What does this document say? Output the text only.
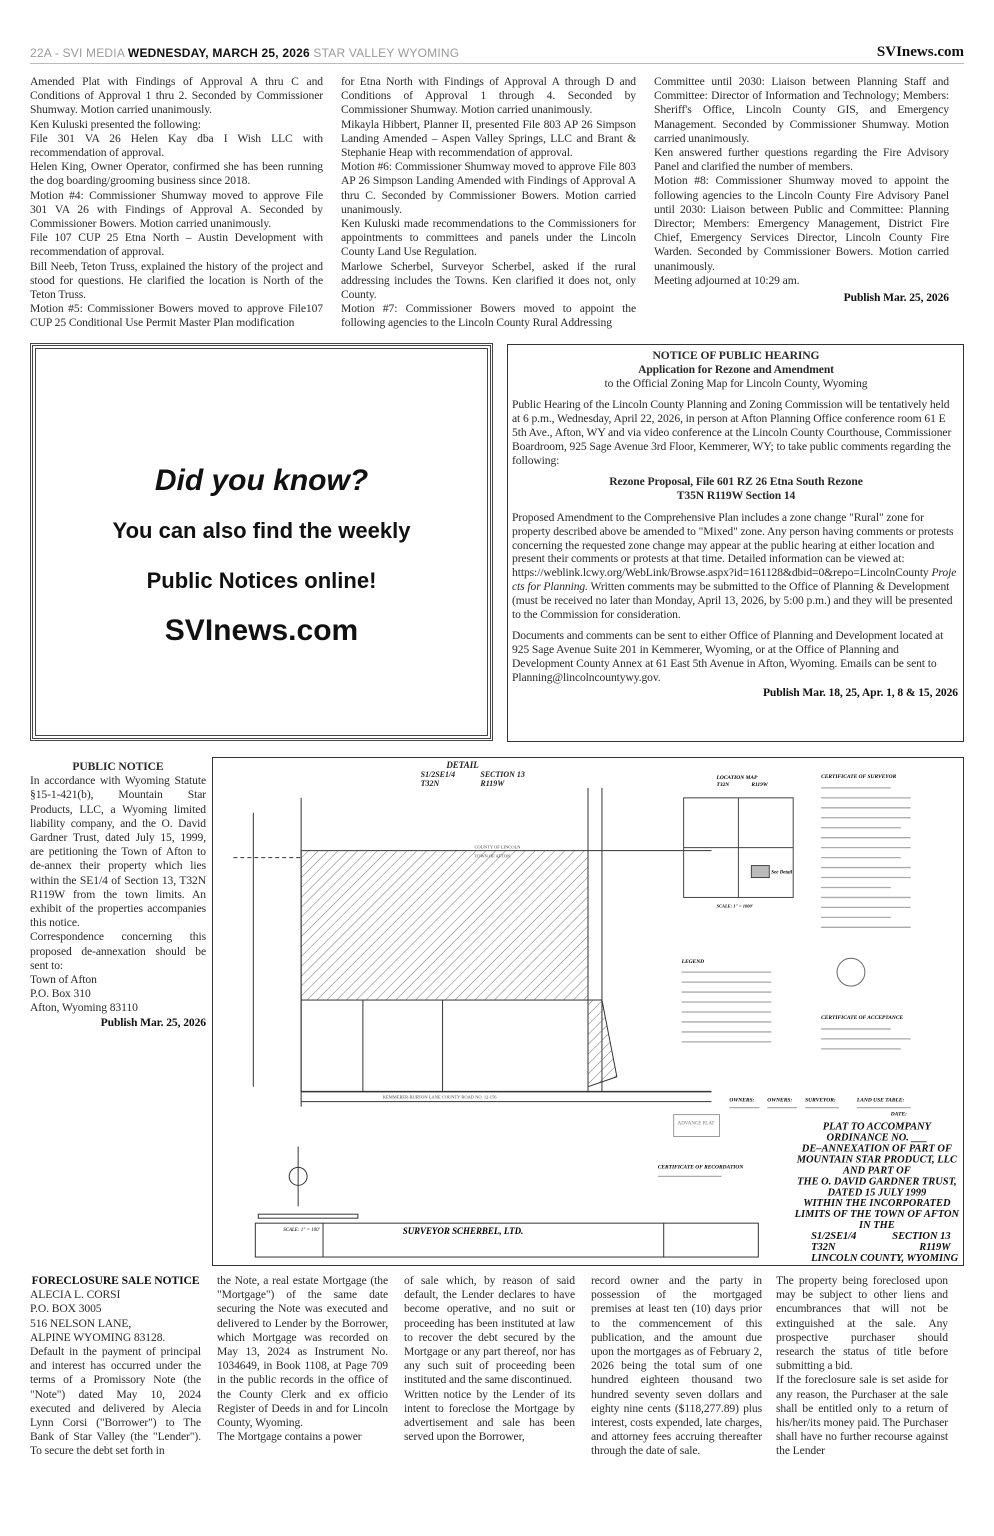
22A - SVI MEDIA WEDNESDAY, MARCH 25, 2026 STAR VALLEY WYOMING	SVInews.com

Amended Plat with Findings of Approval A thru C and Conditions of Approval 1 thru 2. Seconded by Commissioner Shumway. Motion carried unanimously.

Ken Kuluski presented the following:

File 301 VA 26 Helen Kay dba I Wish LLC with recommendation of approval.

Helen King, Owner Operator, confirmed she has been running the dog boarding/grooming business since 2018.

Motion #4: Commissioner Shumway moved to approve File 301 VA 26 with Findings of Approval A. Seconded by Commissioner Bowers. Motion carried unanimously.

File 107 CUP 25 Etna North – Austin Development with recommendation of approval.

Bill Neeb, Teton Truss, explained the history of the project and stood for questions. He clarified the location is North of the Teton Truss.

Motion #5: Commissioner Bowers moved to approve File107 CUP 25 Conditional Use Permit Master Plan modification

for Etna North with Findings of Approval A through D and Conditions of Approval 1 through 4. Seconded by Commissioner Shumway. Motion carried unanimously.

Mikayla Hibbert, Planner II, presented File 803 AP 26 Simpson Landing Amended – Aspen Valley Springs, LLC and Brant & Stephanie Heap with recommendation of approval.

Motion #6: Commissioner Shumway moved to approve File 803 AP 26 Simpson Landing Amended with Findings of Approval A thru C. Seconded by Commissioner Bowers. Motion carried unanimously.

Ken Kuluski made recommendations to the Commissioners for appointments to committees and panels under the Lincoln County Land Use Regulation.

Marlowe Scherbel, Surveyor Scherbel, asked if the rural addressing includes the Towns. Ken clarified it does not, only County.

Motion #7: Commissioner Bowers moved to appoint the following agencies to the Lincoln County Rural Addressing

Committee until 2030: Liaison between Planning Staff and Committee: Director of Information and Technology; Members: Sheriff's Office, Lincoln County GIS, and Emergency Management. Seconded by Commissioner Shumway. Motion carried unanimously.

Ken answered further questions regarding the Fire Advisory Panel and clarified the number of members.

Motion #8: Commissioner Shumway moved to appoint the following agencies to the Lincoln County Fire Advisory Panel until 2030: Liaison between Public and Committee: Planning Director; Members: Emergency Management, District Fire Chief, Emergency Services Director, Lincoln County Fire Warden. Seconded by Commissioner Bowers. Motion carried unanimously.

Meeting adjourned at 10:29 am.

Publish Mar. 25, 2026

Did you know?
You can also find the weekly
Public Notices online!
SVInews.com
NOTICE OF PUBLIC HEARING
Application for Rezone and Amendment
to the Official Zoning Map for Lincoln County, Wyoming

Public Hearing of the Lincoln County Planning and Zoning Commission will be tentatively held at 6 p.m., Wednesday, April 22, 2026, in person at Afton Planning Office conference room 61 E 5th Ave., Afton, WY and via video conference at the Lincoln County Courthouse, Commissioner Boardroom, 925 Sage Avenue 3rd Floor, Kemmerer, WY; to take public comments regarding the following:

Rezone Proposal, File 601 RZ 26 Etna South Rezone
T35N R119W Section 14

Proposed Amendment to the Comprehensive Plan includes a zone change "Rural" zone for property described above be amended to "Mixed" zone. Any person having comments or protests concerning the requested zone change may appear at the public hearing at either location and present their comments or protests at that time. Detailed information can be viewed at:

https://weblink.lcwy.org/WebLink/Browse.aspx?id=161128&dbid=0&repo=LincolnCounty Projects for Planning. Written comments may be submitted to the Office of Planning & Development (must be received no later than Monday, April 13, 2026, by 5:00 p.m.) and they will be presented to the Commission for consideration.

Documents and comments can be sent to either Office of Planning and Development located at 925 Sage Avenue Suite 201 in Kemmerer, Wyoming, or at the Office of Planning and Development County Annex at 61 East 5th Avenue in Afton, Wyoming. Emails can be sent to Planning@lincolncountywy.gov.

Publish Mar. 18, 25, Apr. 1, 8 & 15, 2026

PUBLIC NOTICE

In accordance with Wyoming Statute §15-1-421(b), Mountain Star Products, LLC, a Wyoming limited liability company, and the O. David Gardner Trust, dated July 15, 1999, are petitioning the Town of Afton to de-annex their property which lies within the SE1/4 of Section 13, T32N R119W from the town limits. An exhibit of the properties accompanies this notice.

Correspondence concerning this proposed de-annexation should be sent to:

Town of Afton

P.O. Box 310

Afton, Wyoming 83110

Publish Mar. 25, 2026

DETAIL
S1/2SE1/4	SECTION 13
T32N	R119W
COUNTY OF LINCOLN
TOWN OF AFTON
KEMMERER-BURTON LANE COUNTY ROAD NO. 12-156
SCALE: 1" = 100'
ADVANCE PLAT
LOCATION MAP
T32N	R119W
See Detail
SCALE: 1" = 1000'
LEGEND
CERTIFICATE OF SURVEYOR
CERTIFICATE OF ACCEPTANCE
CERTIFICATE OF RECORDATION
OWNERS: OWNERS: SURVEYOR:	LAND USE TABLE:
DATE:
PLAT TO ACCOMPANY
ORDINANCE NO. ___
DE–ANNEXATION OF PART OF
MOUNTAIN STAR PRODUCT, LLC
AND PART OF
THE O. DAVID GARDNER TRUST,
DATED 15 JULY 1999
WITHIN THE INCORPORATED
LIMITS OF THE TOWN OF AFTON
IN THE
S1/2SE1/4	SECTION 13
T32N	R119W
LINCOLN COUNTY, WYOMING
SURVEYOR SCHERBEL, LTD.
FORECLOSURE SALE NOTICE

ALECIA L. CORSI

P.O. BOX 3005

516 NELSON LANE,

ALPINE WYOMING 83128.

Default in the payment of principal and interest has occurred under the terms of a Promissory Note (the "Note") dated May 10, 2024 executed and delivered by Alecia Lynn Corsi ("Borrower") to The Bank of Star Valley (the "Lender"). To secure the debt set forth in

the Note, a real estate Mortgage (the "Mortgage") of the same date securing the Note was executed and delivered to Lender by the Borrower, which Mortgage was recorded on May 13, 2024 as Instrument No. 1034649, in Book 1108, at Page 709 in the public records in the office of the County Clerk and ex officio Register of Deeds in and for Lincoln County, Wyoming.

The Mortgage contains a power

of sale which, by reason of said default, the Lender declares to have become operative, and no suit or proceeding has been instituted at law to recover the debt secured by the Mortgage or any part thereof, nor has any such suit of proceeding been instituted and the same discontinued.

Written notice by the Lender of its intent to foreclose the Mortgage by advertisement and sale has been served upon the Borrower,

record owner and the party in possession of the mortgaged premises at least ten (10) days prior to the commencement of this publication, and the amount due upon the mortgages as of February 2, 2026 being the total sum of one hundred eighteen thousand two hundred seventy seven dollars and eighty nine cents ($118,277.89) plus interest, costs expended, late charges, and attorney fees accruing thereafter through the date of sale.

The property being foreclosed upon may be subject to other liens and encumbrances that will not be extinguished at the sale. Any prospective purchaser should research the status of title before submitting a bid.

If the foreclosure sale is set aside for any reason, the Purchaser at the sale shall be entitled only to a return of his/her/its money paid. The Purchaser shall have no further recourse against the Lender
